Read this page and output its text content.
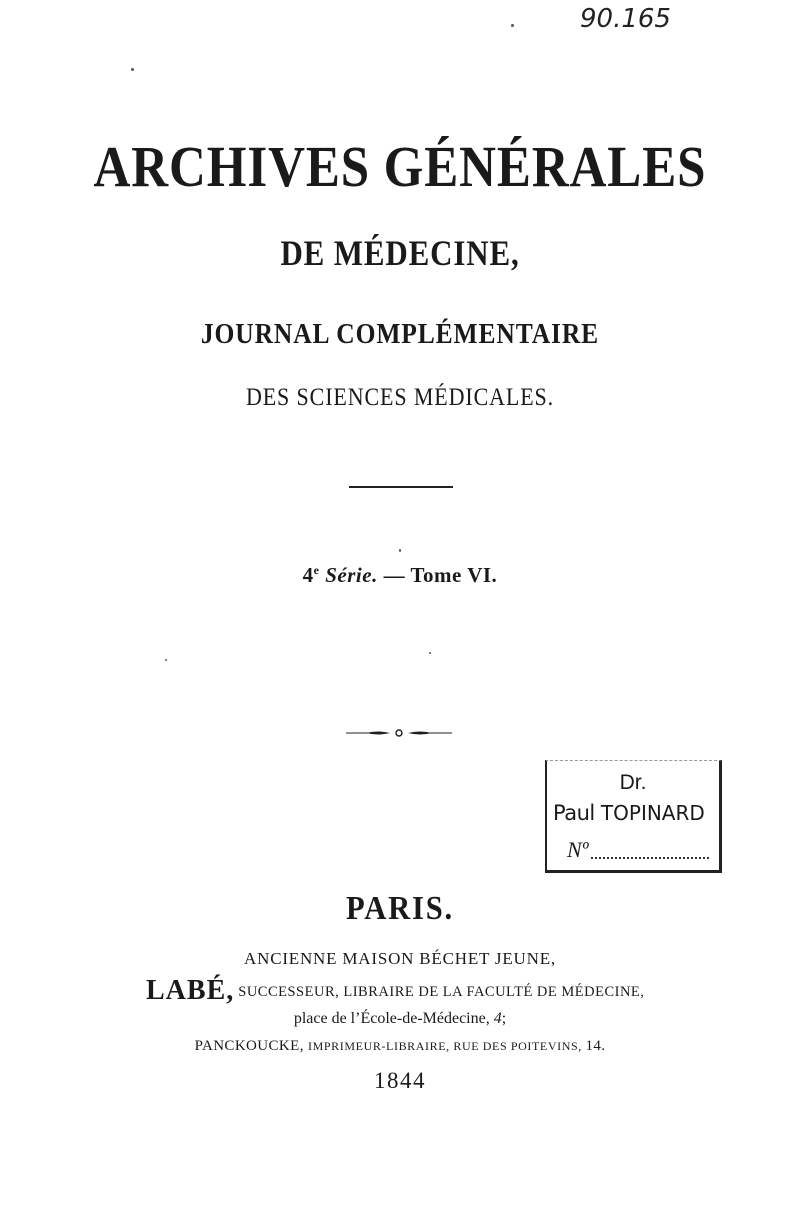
90.165
ARCHIVES GÉNÉRALES
DE MÉDECINE,
JOURNAL COMPLÉMENTAIRE
DES SCIENCES MÉDICALES.
4e Série. — Tome VI.
Dr.
Paul TOPINARD
Nº
PARIS.
ANCIENNE MAISON BÉCHET JEUNE,
LABÉ, SUCCESSEUR, LIBRAIRE DE LA FACULTÉ DE MÉDECINE,
place de l’École-de-Médecine, 4;
PANCKOUCKE, IMPRIMEUR-LIBRAIRE, RUE DES POITEVINS, 14.
1844
